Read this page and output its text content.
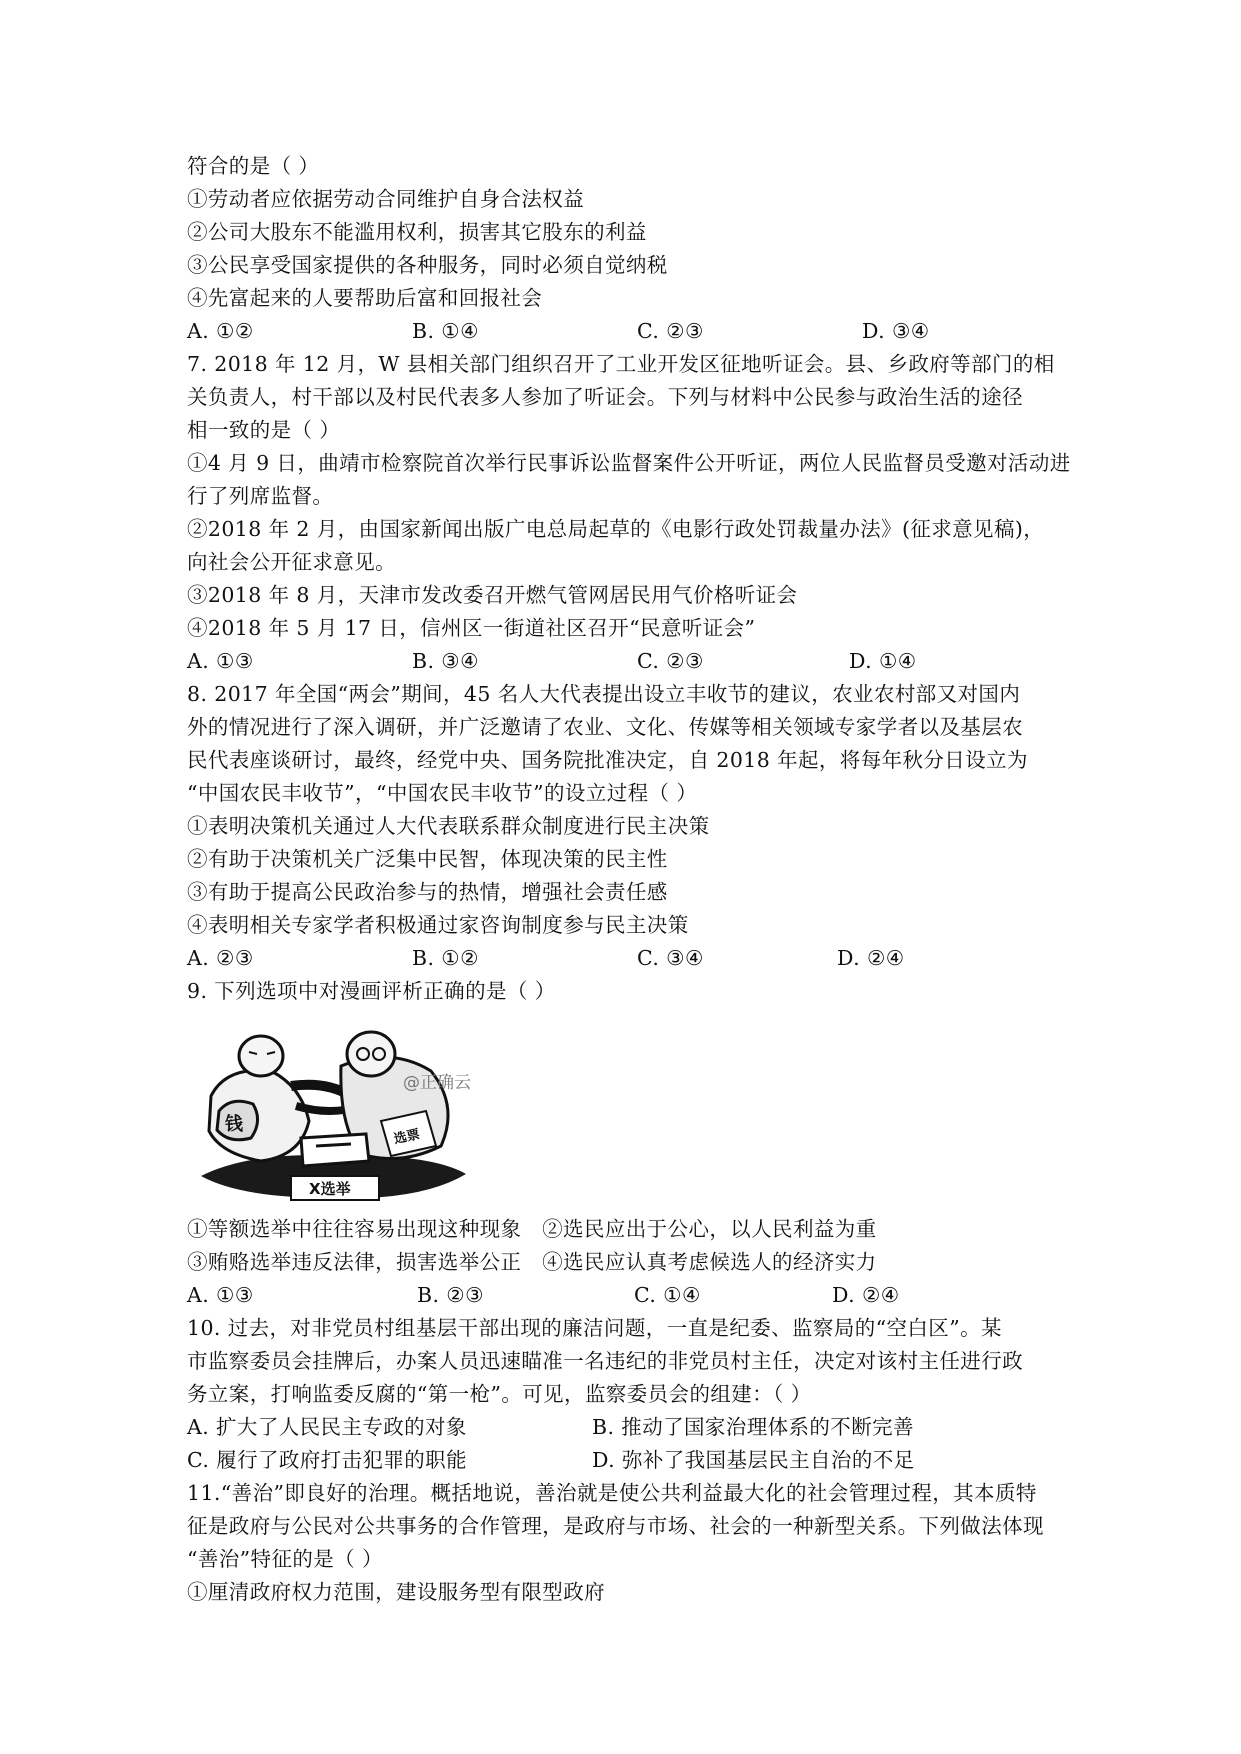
符合的是（ ）
①劳动者应依据劳动合同维护自身合法权益
②公司大股东不能滥用权利，损害其它股东的利益
③公民享受国家提供的各种服务，同时必须自觉纳税
④先富起来的人要帮助后富和回报社会
A. ①②	B. ①④	C. ②③	D. ③④
7. 2018 年 12 月，W 县相关部门组织召开了工业开发区征地听证会。县、乡政府等部门的相
关负责人，村干部以及村民代表多人参加了听证会。下列与材料中公民参与政治生活的途径
相一致的是（ ）
①4 月 9 日，曲靖市检察院首次举行民事诉讼监督案件公开听证，两位人民监督员受邀对活动进
行了列席监督。
②2018 年 2 月，由国家新闻出版广电总局起草的《电影行政处罚裁量办法》(征求意见稿)，
向社会公开征求意见。
③2018 年 8 月，天津市发改委召开燃气管网居民用气价格听证会
④2018 年 5 月 17 日，信州区一街道社区召开“民意听证会”
A. ①③	B. ③④	C. ②③	D. ①④
8. 2017 年全国“两会”期间，45 名人大代表提出设立丰收节的建议，农业农村部又对国内
外的情况进行了深入调研，并广泛邀请了农业、文化、传媒等相关领域专家学者以及基层农
民代表座谈研讨，最终，经党中央、国务院批准决定，自 2018 年起，将每年秋分日设立为
“中国农民丰收节”，“中国农民丰收节”的设立过程（ ）
①表明决策机关通过人大代表联系群众制度进行民主决策
②有助于决策机关广泛集中民智，体现决策的民主性
③有助于提高公民政治参与的热情，增强社会责任感
④表明相关专家学者积极通过家咨询制度参与民主决策
A. ②③	B. ①②	C. ③④	D. ②④
9. 下列选项中对漫画评析正确的是（ ）
钱
选票
@正确云
X选举
①等额选举中往往容易出现这种现象   ②选民应出于公心，以人民利益为重
③贿赂选举违反法律，损害选举公正   ④选民应认真考虑候选人的经济实力
A. ①③	B. ②③	C. ①④	D. ②④
10. 过去，对非党员村组基层干部出现的廉洁问题，一直是纪委、监察局的“空白区”。某
市监察委员会挂牌后，办案人员迅速瞄准一名违纪的非党员村主任，决定对该村主任进行政
务立案，打响监委反腐的“第一枪”。可见，监察委员会的组建：（ ）
A. 扩大了人民民主专政的对象	B. 推动了国家治理体系的不断完善
C. 履行了政府打击犯罪的职能	D. 弥补了我国基层民主自治的不足
11.“善治”即良好的治理。概括地说，善治就是使公共利益最大化的社会管理过程，其本质特
征是政府与公民对公共事务的合作管理，是政府与市场、社会的一种新型关系。下列做法体现
“善治”特征的是（ ）
①厘清政府权力范围，建设服务型有限型政府
